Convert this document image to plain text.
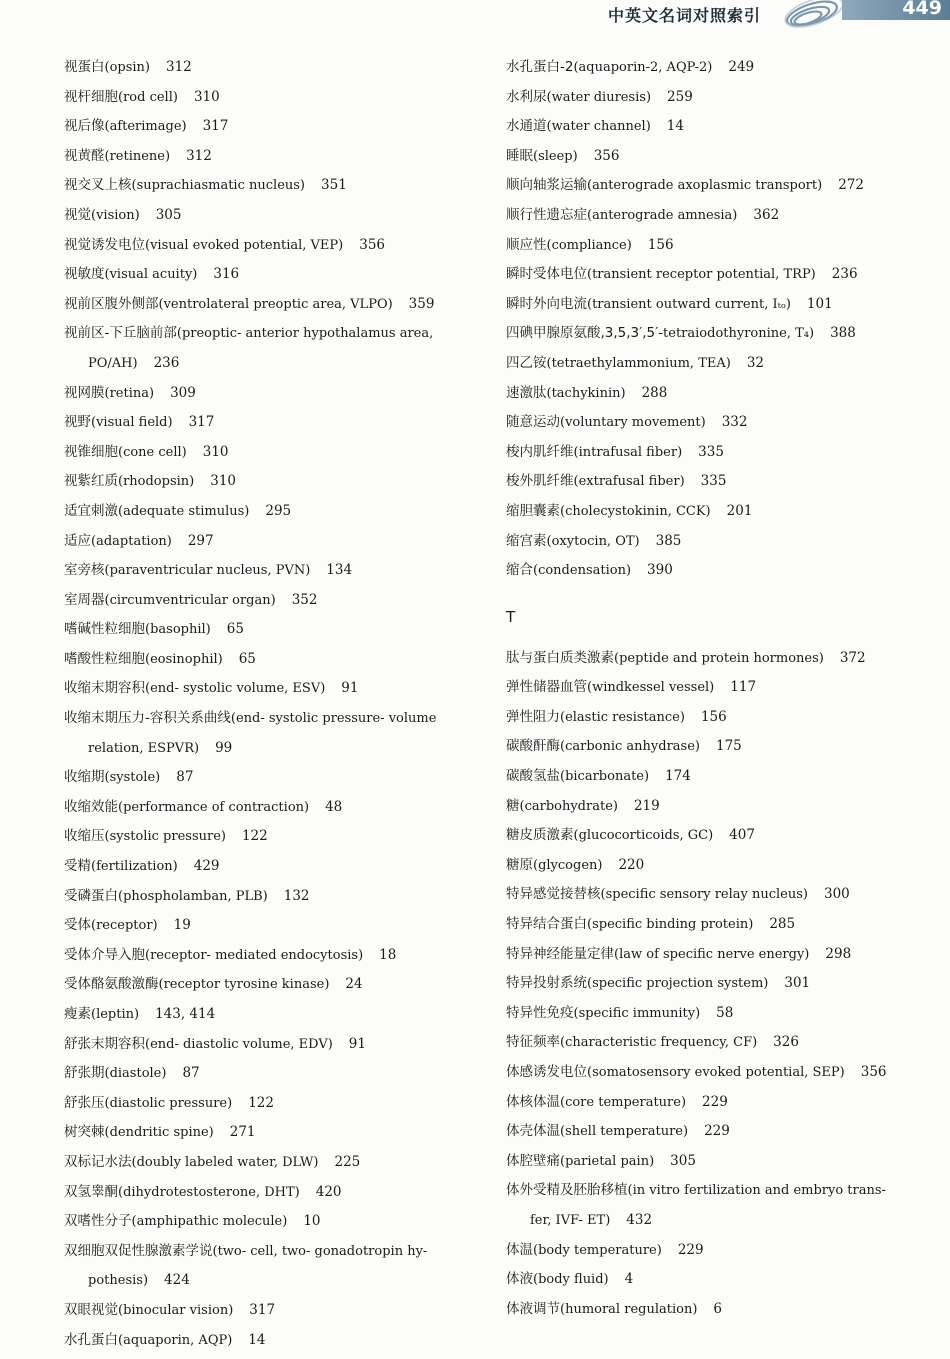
中英文名词对照索引	449
视蛋白(opsin) 312
视杆细胞(rod cell) 310
视后像(afterimage) 317
视黄醛(retinene) 312
视交叉上核(suprachiasmatic nucleus) 351
视觉(vision) 305
视觉诱发电位(visual evoked potential, VEP) 356
视敏度(visual acuity) 316
视前区腹外侧部(ventrolateral preoptic area, VLPO) 359
视前区-下丘脑前部(preoptic- anterior hypothalamus area,
PO/AH) 236
视网膜(retina) 309
视野(visual field) 317
视锥细胞(cone cell) 310
视紫红质(rhodopsin) 310
适宜刺激(adequate stimulus) 295
适应(adaptation) 297
室旁核(paraventricular nucleus, PVN) 134
室周器(circumventricular organ) 352
嗜碱性粒细胞(basophil) 65
嗜酸性粒细胞(eosinophil) 65
收缩末期容积(end- systolic volume, ESV) 91
收缩末期压力-容积关系曲线(end- systolic pressure- volume
relation, ESPVR) 99
收缩期(systole) 87
收缩效能(performance of contraction) 48
收缩压(systolic pressure) 122
受精(fertilization) 429
受磷蛋白(phospholamban, PLB) 132
受体(receptor) 19
受体介导入胞(receptor- mediated endocytosis) 18
受体酪氨酸激酶(receptor tyrosine kinase) 24
瘦素(leptin) 143, 414
舒张末期容积(end- diastolic volume, EDV) 91
舒张期(diastole) 87
舒张压(diastolic pressure) 122
树突棘(dendritic spine) 271
双标记水法(doubly labeled water, DLW) 225
双氢睾酮(dihydrotestosterone, DHT) 420
双嗜性分子(amphipathic molecule) 10
双细胞双促性腺激素学说(two- cell, two- gonadotropin hy-
pothesis) 424
双眼视觉(binocular vision) 317
水孔蛋白(aquaporin, AQP) 14
水孔蛋白-2(aquaporin-2, AQP-2) 249
水利尿(water diuresis) 259
水通道(water channel) 14
睡眠(sleep) 356
顺向轴浆运输(anterograde axoplasmic transport) 272
顺行性遗忘症(anterograde amnesia) 362
顺应性(compliance) 156
瞬时受体电位(transient receptor potential, TRP) 236
瞬时外向电流(transient outward current, Iₜₒ) 101
四碘甲腺原氨酸,3,5,3′,5′-tetraiodothyronine, T₄) 388
四乙铵(tetraethylammonium, TEA) 32
速激肽(tachykinin) 288
随意运动(voluntary movement) 332
梭内肌纤维(intrafusal fiber) 335
梭外肌纤维(extrafusal fiber) 335
缩胆囊素(cholecystokinin, CCK) 201
缩宫素(oxytocin, OT) 385
缩合(condensation) 390
T
肽与蛋白质类激素(peptide and protein hormones) 372
弹性储器血管(windkessel vessel) 117
弹性阻力(elastic resistance) 156
碳酸酐酶(carbonic anhydrase) 175
碳酸氢盐(bicarbonate) 174
糖(carbohydrate) 219
糖皮质激素(glucocorticoids, GC) 407
糖原(glycogen) 220
特异感觉接替核(specific sensory relay nucleus) 300
特异结合蛋白(specific binding protein) 285
特异神经能量定律(law of specific nerve energy) 298
特异投射系统(specific projection system) 301
特异性免疫(specific immunity) 58
特征频率(characteristic frequency, CF) 326
体感诱发电位(somatosensory evoked potential, SEP) 356
体核体温(core temperature) 229
体壳体温(shell temperature) 229
体腔壁痛(parietal pain) 305
体外受精及胚胎移植(in vitro fertilization and embryo trans-
fer, IVF- ET) 432
体温(body temperature) 229
体液(body fluid) 4
体液调节(humoral regulation) 6
